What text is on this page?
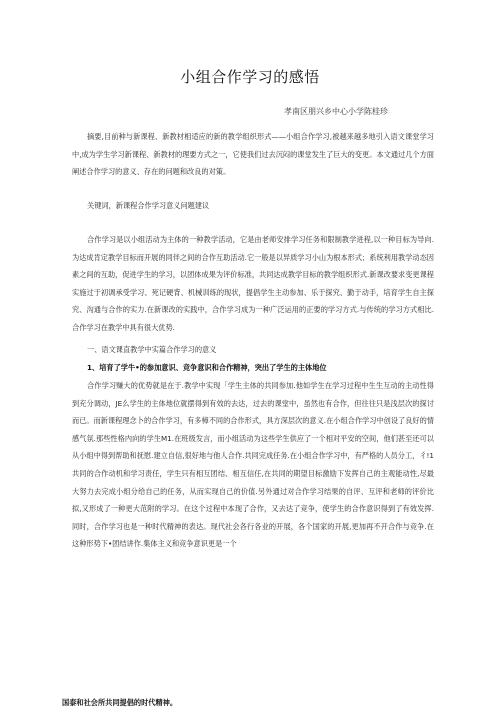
小组合作学习的感悟
孝南区朋兴乡中心小学陈桂珍

摘要,目前种与新课程、新教材相适应的新的教学组织形式——小组合作学习,被越来越多地引入语文课堂学习中,成为学生学习新课程、新教材的理要方式之一，它使我们过去沉闷的课堂发生了巨大的变更。本文通过几个方面阐述合作学习的意义、存在的问题和改良的对策。

关键词，新课程合作学习意义问题建议

合作学习是以小组活动为主体的一种教学活动，它是由老师安排学习任务和限制教学进程,以一种目标为导向.为达成肯定教学目标而开展的同伴之间的合作互助活动.它一般是以异质学习小山为根本形式；系统利用教学动态因素之间的互助，促进学生的学习，以团体成果为评价标准，共同达成教学目标的教学组织形式.新课改要求变更课程实施过于初调承受学习、死记硬背、机械训练的现状，提倡学生主动参加、乐于探究、勤于动手，培育学生自主探究、沟通与合作的实力.在新课改的实践中，合作学习成为一种广泛运用的正要的学习方式.与传统的学习方式相比.合作学习在教学中具有很大优势.

一、语文课直教学中实篇合作学习的意义

1、培育了学牛•的参加意识、竞争意识和合作精神，突出了学生的主体地位

合作学习赚大的优势就是在于.教学中实现「学生主体的共同参加.他如学生在学习过程中生生互动的主动性得到充分调动，JE么学生的主体地位就摆得到有效的去达，过去的课堂中，虽然也有合作，但往往只是浅层次的探讨而已。而新课程理念卜的合作学习，有多樟不同的合作形式，具方深层次的意义.在小组合作学习中创设了良好的情感气氛.那些性格内向的学生M1.在班级发言，而小组活动为这些学生供应了一个相对平安的空间，他们甚至还可以从小组中得到帮助和抚慰.建立自信,很好地与他人合作.共同完成任务.在小组合作学习中，有严格的人员分工，彳!1共同的合作动机和学习责任，学生只有相互团结、相互信任,在共同的期望目标激励下发挥自己的主观能动性,尽最大努力去完成小组分给自己的任务，从而实现自己的价值.另外通过对合作学习结果的自评、互评和老师的评价比拟,又形成了一种更大范附的学习。在这个过程中本现了合作，又去达了竞争，使学生的合作意识得到了有效发挥.同时，合作学习也是一种时代精神的表达。现代社会各行各业的开展，各个国家的开展,更加再不开合作与竞争.在这种形势下•团结讲作.集体主义和竞争意识更是一个

国泰和社会所共同提倡的时代精神。
